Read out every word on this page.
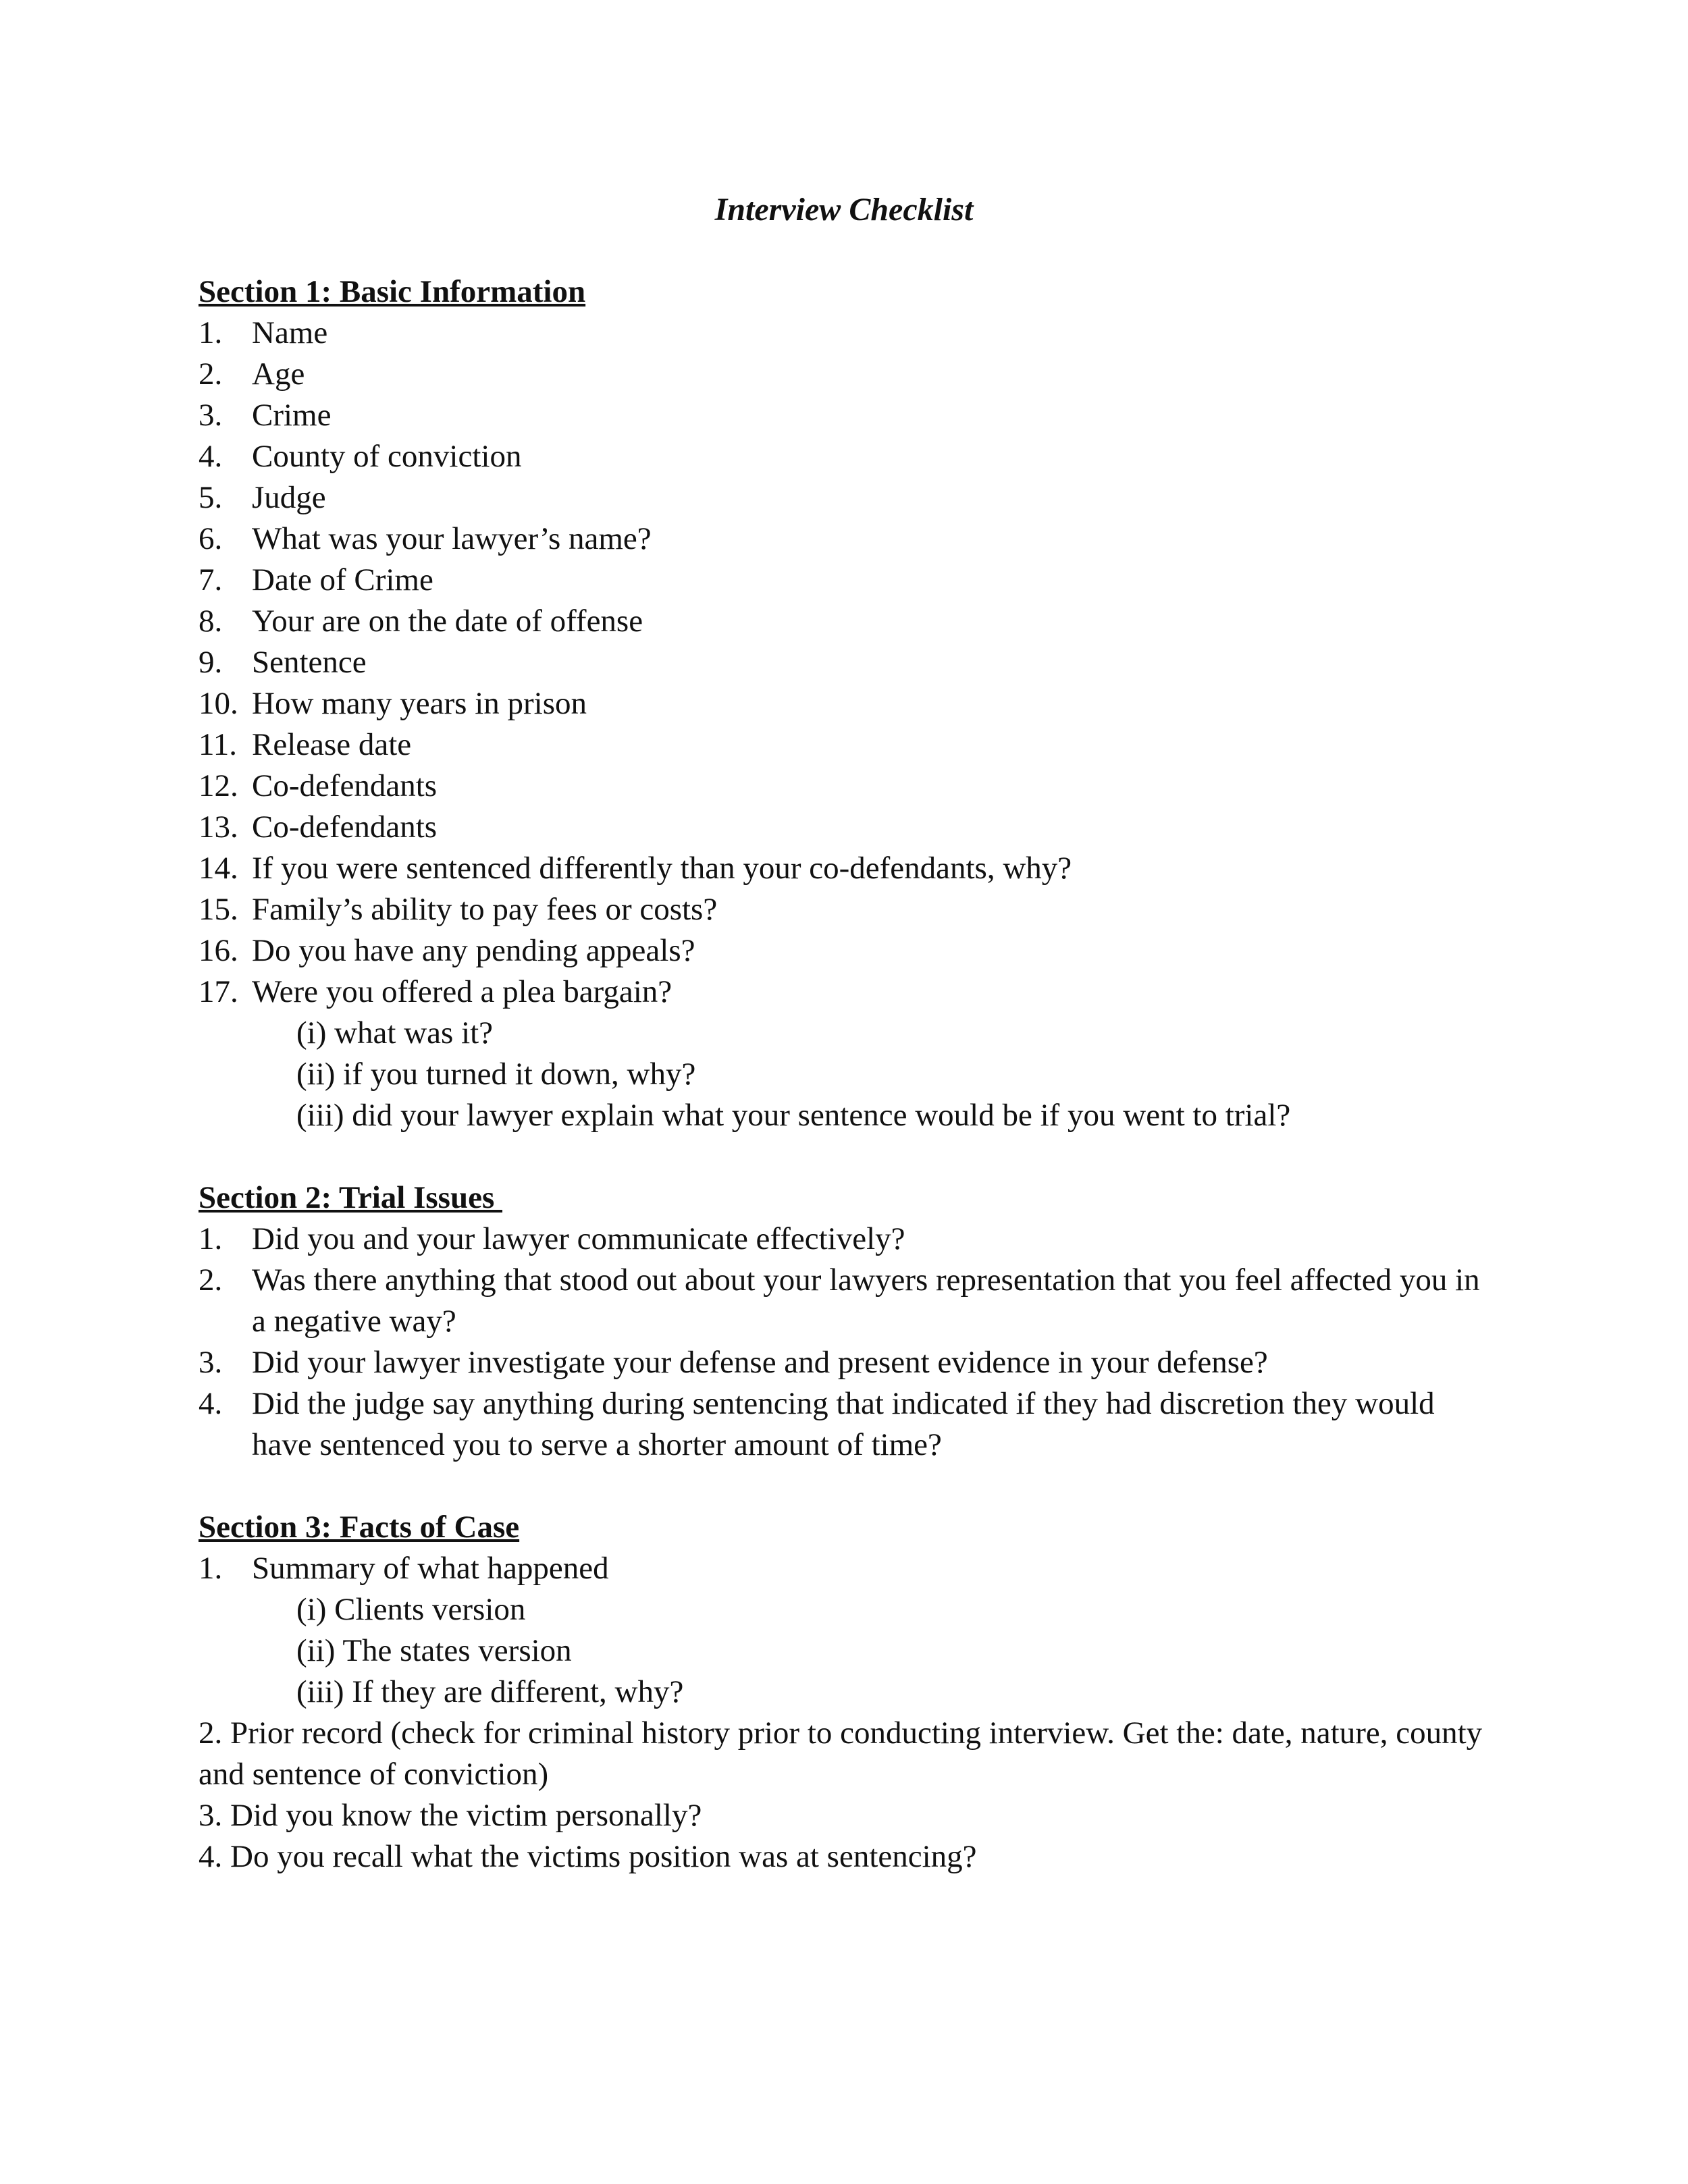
Interview Checklist
Section 1: Basic Information
1. Name
2. Age
3. Crime
4. County of conviction
5. Judge
6. What was your lawyer’s name?
7. Date of Crime
8. Your are on the date of offense
9. Sentence
10. How many years in prison
11. Release date
12. Co-defendants
13. Co-defendants
14. If you were sentenced differently than your co-defendants, why?
15. Family’s ability to pay fees or costs?
16. Do you have any pending appeals?
17. Were you offered a plea bargain?
(i) what was it?
(ii) if you turned it down, why?
(iii) did your lawyer explain what your sentence would be if you went to trial?
Section 2: Trial Issues
1. Did you and your lawyer communicate effectively?
2. Was there anything that stood out about your lawyers representation that you feel affected you in a negative way?
3. Did your lawyer investigate your defense and present evidence in your defense?
4. Did the judge say anything during sentencing that indicated if they had discretion they would have sentenced you to serve a shorter amount of time?
Section 3: Facts of Case
1. Summary of what happened
(i) Clients version
(ii) The states version
(iii) If they are different, why?
2. Prior record (check for criminal history prior to conducting interview. Get the: date, nature, county and sentence of conviction)
3. Did you know the victim personally?
4. Do you recall what the victims position was at sentencing?
